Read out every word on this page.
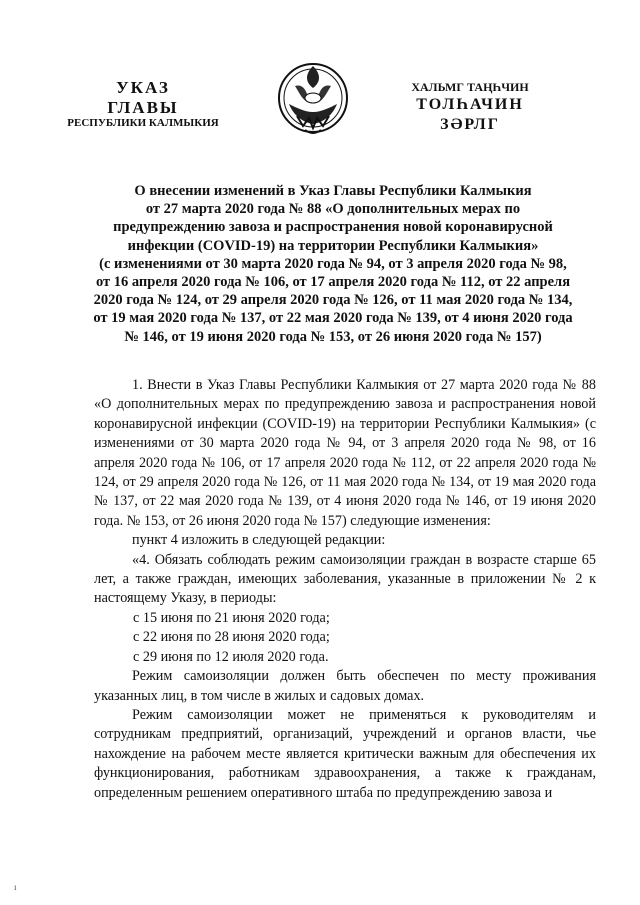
УКАЗ
ГЛАВЫ
РЕСПУБЛИКИ КАЛМЫКИЯ
ХАЛЬМГ ТАҢҺЧИН
ТОЛҺАЧИН
ЗӘРЛГ
О внесении изменений в Указ Главы Республики Калмыкия
от 27 марта 2020 года № 88 «О дополнительных мерах по
предупреждению завоза и распространения новой коронавирусной
инфекции (COVID-19) на территории Республики Калмыкия»
(с изменениями от 30 марта 2020 года № 94, от 3 апреля 2020 года № 98,
от 16 апреля 2020 года № 106, от 17 апреля 2020 года № 112, от 22 апреля
2020 года № 124, от 29 апреля 2020 года № 126, от 11 мая 2020 года № 134,
от 19 мая 2020 года № 137, от 22 мая 2020 года № 139, от 4 июня 2020 года
№ 146, от 19 июня 2020 года № 153, от 26 июня 2020 года № 157)

1. Внести в Указ Главы Республики Калмыкия от 27 марта 2020 года № 88 «О дополнительных мерах по предупреждению завоза и распространения новой коронавирусной инфекции (COVID-19) на территории Республики Калмыкия» (с изменениями от 30 марта 2020 года № 94, от 3 апреля 2020 года № 98, от 16 апреля 2020 года № 106, от 17 апреля 2020 года № 112, от 22 апреля 2020 года № 124, от 29 апреля 2020 года № 126, от 11 мая 2020 года № 134, от 19 мая 2020 года № 137, от 22 мая 2020 года № 139, от 4 июня 2020 года № 146, от 19 июня 2020 года. № 153, от 26 июня 2020 года № 157) следующие изменения:

пункт 4 изложить в следующей редакции:

«4. Обязать соблюдать режим самоизоляции граждан в возрасте старше 65 лет, а также граждан, имеющих заболевания, указанные в приложении № 2 к настоящему Указу, в периоды:

с 15 июня по 21 июня 2020 года;

с 22 июня по 28 июня 2020 года;

с 29 июня по 12 июля 2020 года.

Режим самоизоляции должен быть обеспечен по месту проживания указанных лиц, в том числе в жилых и садовых домах.

Режим самоизоляции может не применяться к руководителям и сотрудникам предприятий, организаций, учреждений и органов власти, чье нахождение на рабочем месте является критически важным для обеспечения их функционирования, работникам здравоохранения, а также к гражданам, определенным решением оперативного штаба по предупреждению завоза и

ı
